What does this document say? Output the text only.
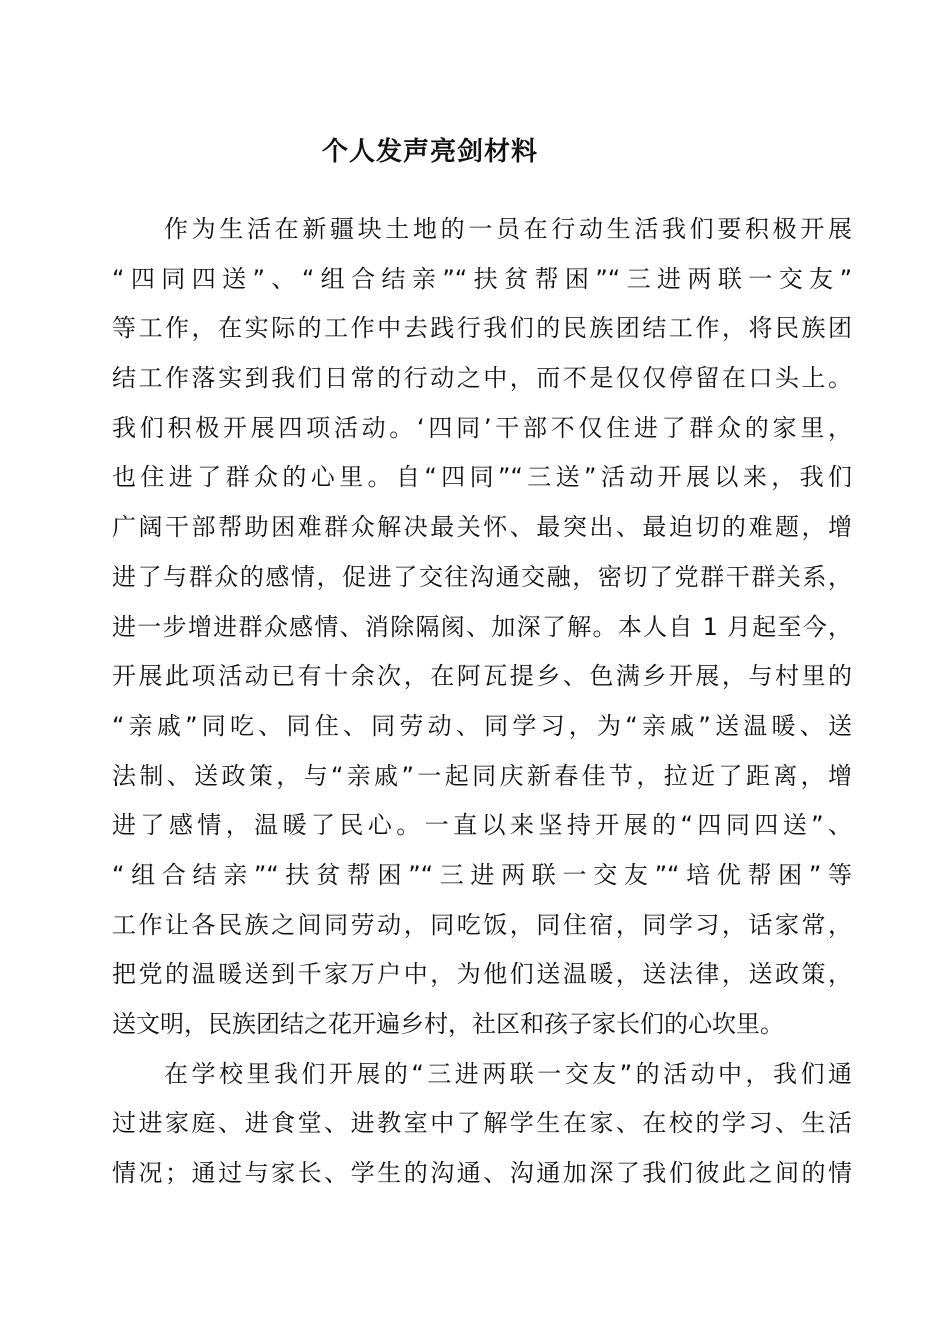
个人发声亮剑材料
作为生活在新疆块土地的一员在行动生活我们要积极开展
“四同四送”、“组合结亲”“扶贫帮困”“三进两联一交友”
等工作，在实际的工作中去践行我们的民族团结工作，将民族团
结工作落实到我们日常的行动之中，而不是仅仅停留在口头上。
我们积极开展四项活动。‘四同’干部不仅住进了群众的家里，
也住进了群众的心里。自“四同”“三送”活动开展以来，我们
广阔干部帮助困难群众解决最关怀、最突出、最迫切的难题，增
进了与群众的感情，促进了交往沟通交融，密切了党群干群关系，
进一步增进群众感情、消除隔阂、加深了解。本人自 1 月起至今，
开展此项活动已有十余次，在阿瓦提乡、色满乡开展，与村里的
“亲戚”同吃、同住、同劳动、同学习，为“亲戚”送温暖、送
法制、送政策，与“亲戚”一起同庆新春佳节，拉近了距离，增
进了感情，温暖了民心。一直以来坚持开展的“四同四送”、
“组合结亲”“扶贫帮困”“三进两联一交友”“培优帮困”等
工作让各民族之间同劳动，同吃饭，同住宿，同学习，话家常，
把党的温暖送到千家万户中，为他们送温暖，送法律，送政策，
送文明，民族团结之花开遍乡村，社区和孩子家长们的心坎里。
在学校里我们开展的“三进两联一交友”的活动中，我们通
过进家庭、进食堂、进教室中了解学生在家、在校的学习、生活
情况；通过与家长、学生的沟通、沟通加深了我们彼此之间的情
